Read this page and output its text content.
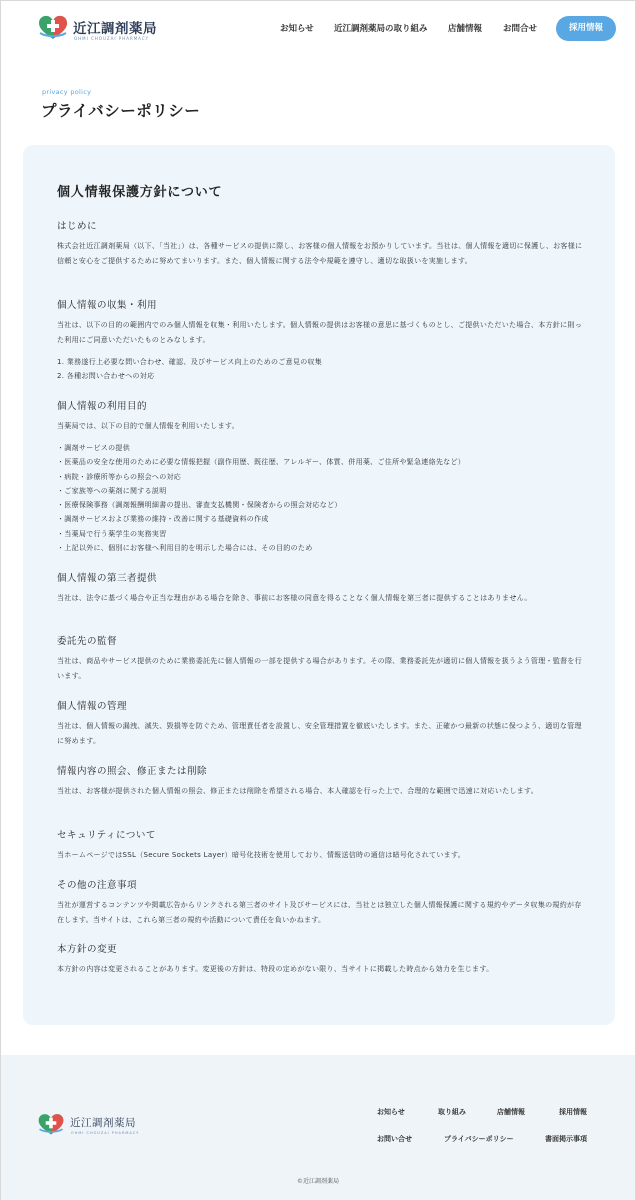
近江調剤薬局
OHMI CHOUZAI PHARMACY
お知らせ 近江調剤薬局の取り組み 店舗情報 お問合せ	採用情報
privacy policy
プライバシーポリシー
個人情報保護方針について
はじめに

株式会社近江調剤薬局（以下、「当社」）は、各種サービスの提供に際し、お客様の個人情報をお預かりしています。当社は、個人情報を適切に保護し、お客様に信頼と安心をご提供するために努めてまいります。また、個人情報に関する法令や規範を遵守し、適切な取扱いを実施します。

個人情報の収集・利用

当社は、以下の目的の範囲内でのみ個人情報を収集・利用いたします。個人情報の提供はお客様の意思に基づくものとし、ご提供いただいた場合、本方針に則った利用にご同意いただいたものとみなします。

1. 業務遂行上必要な問い合わせ、確認、及びサービス向上のためのご意見の収集
2. 各種お問い合わせへの対応
個人情報の利用目的

当薬局では、以下の目的で個人情報を利用いたします。

・調剤サービスの提供
・医薬品の安全な使用のために必要な情報把握（副作用歴、既往歴、アレルギー、体質、併用薬、ご住所や緊急連絡先など）
・病院・診療所等からの照会への対応
・ご家族等への薬剤に関する説明
・医療保険事務（調剤報酬明細書の提出、審査支払機関・保険者からの照会対応など）
・調剤サービスおよび業務の維持・改善に関する基礎資料の作成
・当薬局で行う薬学生の実務実習
・上記以外に、個別にお客様へ利用目的を明示した場合には、その目的のため
個人情報の第三者提供

当社は、法令に基づく場合や正当な理由がある場合を除き、事前にお客様の同意を得ることなく個人情報を第三者に提供することはありません。

委託先の監督

当社は、商品やサービス提供のために業務委託先に個人情報の一部を提供する場合があります。その際、業務委託先が適切に個人情報を扱うよう管理・監督を行います。

個人情報の管理

当社は、個人情報の漏洩、滅失、毀損等を防ぐため、管理責任者を設置し、安全管理措置を徹底いたします。また、正確かつ最新の状態に保つよう、適切な管理に努めます。

情報内容の照会、修正または削除

当社は、お客様が提供された個人情報の照会、修正または削除を希望される場合、本人確認を行った上で、合理的な範囲で迅速に対応いたします。

セキュリティについて

当ホームページではSSL（Secure Sockets Layer）暗号化技術を使用しており、情報送信時の通信は暗号化されています。

その他の注意事項

当社が運営するコンテンツや掲載広告からリンクされる第三者のサイト及びサービスには、当社とは独立した個人情報保護に関する規約やデータ収集の規約が存在します。当サイトは、これら第三者の規約や活動について責任を負いかねます。

本方針の変更

本方針の内容は変更されることがあります。変更後の方針は、特段の定めがない限り、当サイトに掲載した時点から効力を生じます。

近江調剤薬局
OHMI CHOUZAI PHARMACY
お知らせ	取り組み	店舗情報	採用情報
お問い合せ	プライバシーポリシー	書面掲示事項
©近江調剤薬局
